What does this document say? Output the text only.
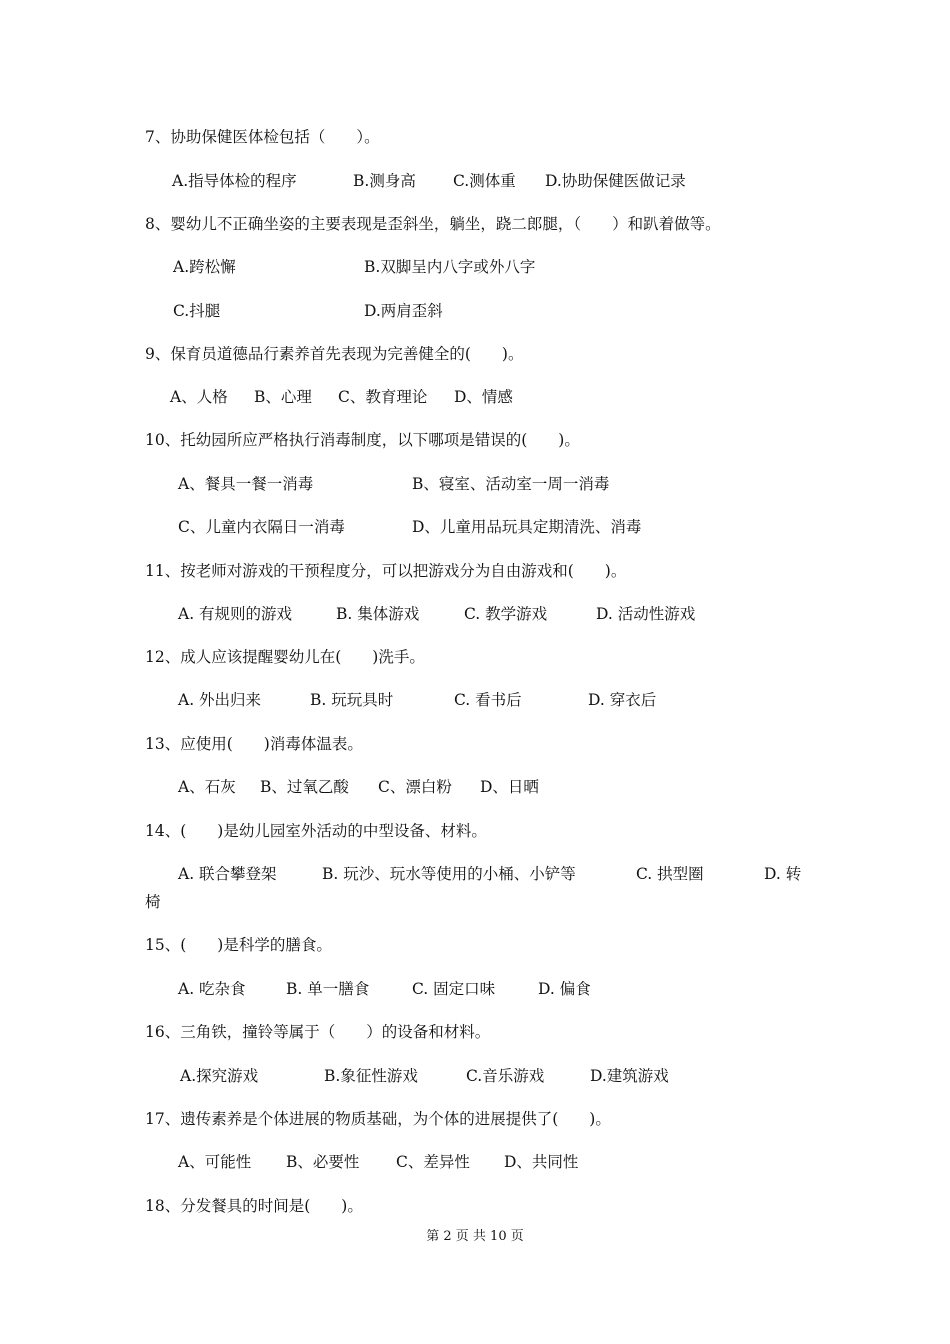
7、协助保健医体检包括（　　）。
A.指导体检的程序	B.测身高 C.测体重 D.协助保健医做记录
8、婴幼儿不正确坐姿的主要表现是歪斜坐，躺坐，跷二郎腿，（　　）和趴着做等。
A.跨松懈	B.双脚呈内八字或外八字
C.抖腿	D.两肩歪斜
9、保育员道德品行素养首先表现为完善健全的(　　)。
A、人格 B、心理 C、教育理论 D、情感
10、托幼园所应严格执行消毒制度，以下哪项是错误的(　　)。
A、餐具一餐一消毒	B、寝室、活动室一周一消毒
C、儿童内衣隔日一消毒	D、儿童用品玩具定期清洗、消毒
11、按老师对游戏的干预程度分，可以把游戏分为自由游戏和(　　)。
A. 有规则的游戏	B. 集体游戏	C. 教学游戏	D. 活动性游戏
12、成人应该提醒婴幼儿在(　　)洗手。
A. 外出归来	B. 玩玩具时	C. 看书后	D. 穿衣后
13、应使用(　　)消毒体温表。
A、石灰 B、过氧乙酸 C、漂白粉 D、日晒
14、(　　)是幼儿园室外活动的中型设备、材料。
A. 联合攀登架	B. 玩沙、玩水等使用的小桶、小铲等	C. 拱型圈	D. 转
椅
15、(　　)是科学的膳食。
A. 吃杂食	B. 单一膳食	C. 固定口味	D. 偏食
16、三角铁，撞铃等属于（　　）的设备和材料。
A.探究游戏	B.象征性游戏	C.音乐游戏	D.建筑游戏
17、遗传素养是个体进展的物质基础，为个体的进展提供了(　　)。
A、可能性 B、必要性 C、差异性 D、共同性
18、分发餐具的时间是(　　)。
第 2 页 共 10 页
